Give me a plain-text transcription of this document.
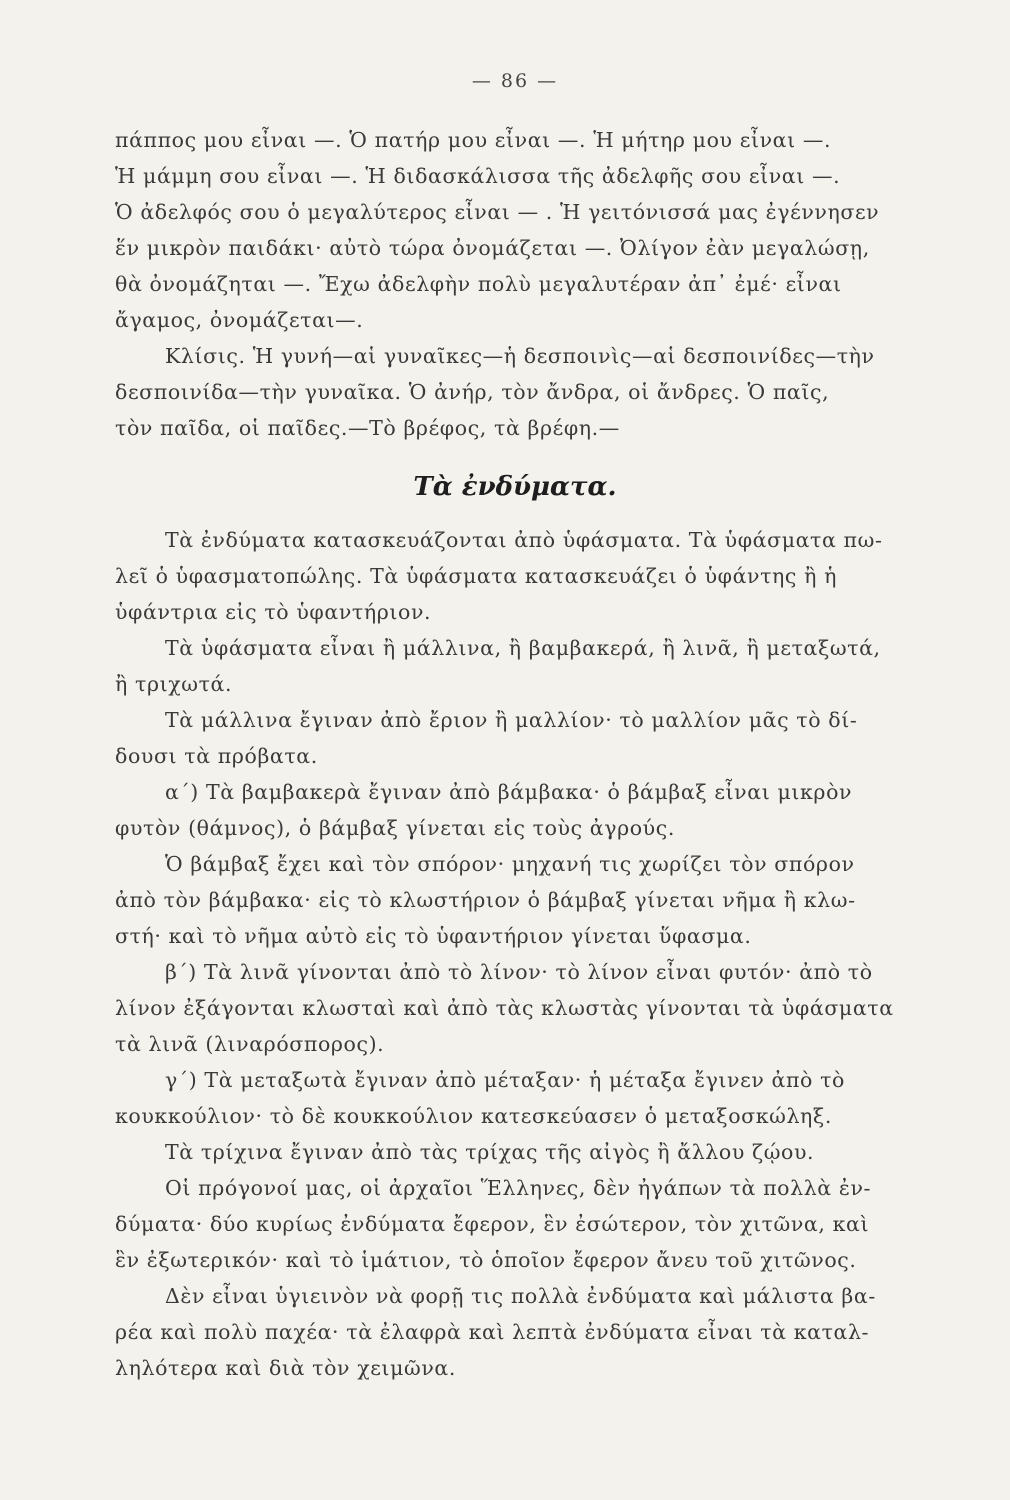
— 86 —
πάππος μου εἶναι —. Ὁ πατήρ μου εἶναι —. Ἡ μήτηρ μου εἶναι —.
Ἡ μάμμη σου εἶναι —. Ἡ διδασκάλισσα τῆς ἀδελφῆς σου εἶναι —.
Ὁ ἀδελφός σου ὁ μεγαλύτερος εἶναι — . Ἡ γειτόνισσά μας ἐγέννησεν
ἕν μικρὸν παιδάκι· αὐτὸ τώρα ὀνομάζεται —. Ὀλίγον ἐὰν μεγαλώσῃ,
θὰ ὀνομάζηται —. Ἔχω ἀδελφὴν πολὺ μεγαλυτέραν ἀπ᾽ ἐμέ· εἶναι
ἄγαμος, ὀνομάζεται—.
Κλίσις. Ἡ γυνή—αἱ γυναῖκες—ἡ δεσποινὶς—αἱ δεσποινίδες—τὴν
δεσποινίδα—τὴν γυναῖκα. Ὁ ἀνήρ, τὸν ἄνδρα, οἱ ἄνδρες. Ὁ παῖς,
τὸν παῖδα, οἱ παῖδες.—Τὸ βρέφος, τὰ βρέφη.—
Τὰ ἐνδύματα.
Τὰ ἐνδύματα κατασκευάζονται ἀπὸ ὑφάσματα. Τὰ ὑφάσματα πω-
λεῖ ὁ ὑφασματοπώλης. Τὰ ὑφάσματα κατασκευάζει ὁ ὑφάντης ἢ ἡ
ὑφάντρια εἰς τὸ ὑφαντήριον.
Τὰ ὑφάσματα εἶναι ἢ μάλλινα, ἢ βαμβακερά, ἢ λινᾶ, ἢ μεταξωτά,
ἢ τριχωτά.
Τὰ μάλλινα ἔγιναν ἀπὸ ἔριον ἢ μαλλίον· τὸ μαλλίον μᾶς τὸ δί-
δουσι τὰ πρόβατα.
α΄) Τὰ βαμβακερὰ ἔγιναν ἀπὸ βάμβακα· ὁ βάμβαξ εἶναι μικρὸν
φυτὸν (θάμνος), ὁ βάμβαξ γίνεται εἰς τοὺς ἀγρούς.
Ὁ βάμβαξ ἔχει καὶ τὸν σπόρον· μηχανή τις χωρίζει τὸν σπόρον
ἀπὸ τὸν βάμβακα· εἰς τὸ κλωστήριον ὁ βάμβαξ γίνεται νῆμα ἢ κλω-
στή· καὶ τὸ νῆμα αὐτὸ εἰς τὸ ὑφαντήριον γίνεται ὕφασμα.
β΄) Τὰ λινᾶ γίνονται ἀπὸ τὸ λίνον· τὸ λίνον εἶναι φυτόν· ἀπὸ τὸ
λίνον ἐξάγονται κλωσταὶ καὶ ἀπὸ τὰς κλωστὰς γίνονται τὰ ὑφάσματα
τὰ λινᾶ (λιναρόσπορος).
γ΄) Τὰ μεταξωτὰ ἔγιναν ἀπὸ μέταξαν· ἡ μέταξα ἔγινεν ἀπὸ τὸ
κουκκούλιον· τὸ δὲ κουκκούλιον κατεσκεύασεν ὁ μεταξοσκώληξ.
Τὰ τρίχινα ἔγιναν ἀπὸ τὰς τρίχας τῆς αἰγὸς ἢ ἄλλου ζῴου.
Οἱ πρόγονοί μας, οἱ ἀρχαῖοι Ἕλληνες, δὲν ἠγάπων τὰ πολλὰ ἐν-
δύματα· δύο κυρίως ἐνδύματα ἔφερον, ἓν ἐσώτερον, τὸν χιτῶνα, καὶ
ἓν ἐξωτερικόν· καὶ τὸ ἱμάτιον, τὸ ὁποῖον ἔφερον ἄνευ τοῦ χιτῶνος.
Δὲν εἶναι ὑγιεινὸν νὰ φορῇ τις πολλὰ ἐνδύματα καὶ μάλιστα βα-
ρέα καὶ πολὺ παχέα· τὰ ἐλαφρὰ καὶ λεπτὰ ἐνδύματα εἶναι τὰ καταλ-
ληλότερα καὶ διὰ τὸν χειμῶνα.
